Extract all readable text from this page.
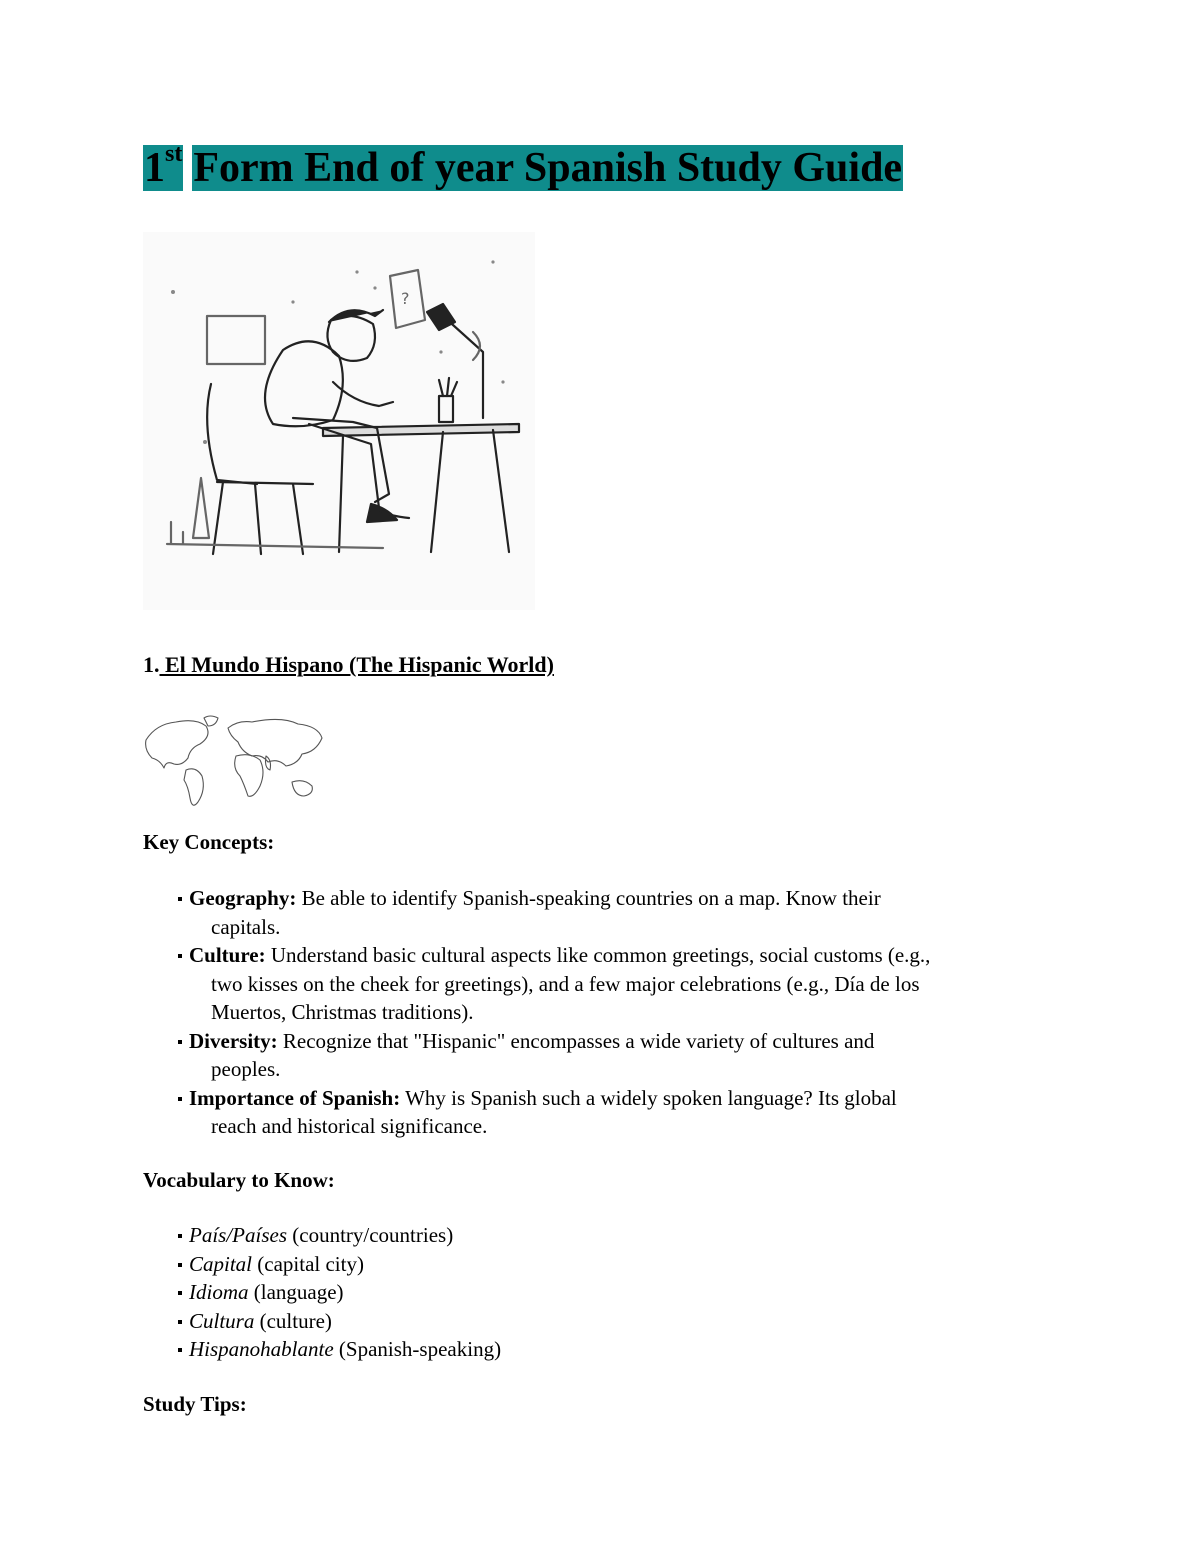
1st Form End of year Spanish Study Guide
?
1. El Mundo Hispano (The Hispanic World)

Key Concepts:

Geography: Be able to identify Spanish-speaking countries on a map. Know their
capitals.
Culture: Understand basic cultural aspects like common greetings, social customs (e.g.,
two kisses on the cheek for greetings), and a few major celebrations (e.g., Día de los
Muertos, Christmas traditions).
Diversity: Recognize that "Hispanic" encompasses a wide variety of cultures and
peoples.
Importance of Spanish: Why is Spanish such a widely spoken language? Its global
reach and historical significance.

Vocabulary to Know:

País/Países (country/countries)
Capital (capital city)
Idioma (language)
Cultura (culture)
Hispanohablante (Spanish-speaking)

Study Tips:
